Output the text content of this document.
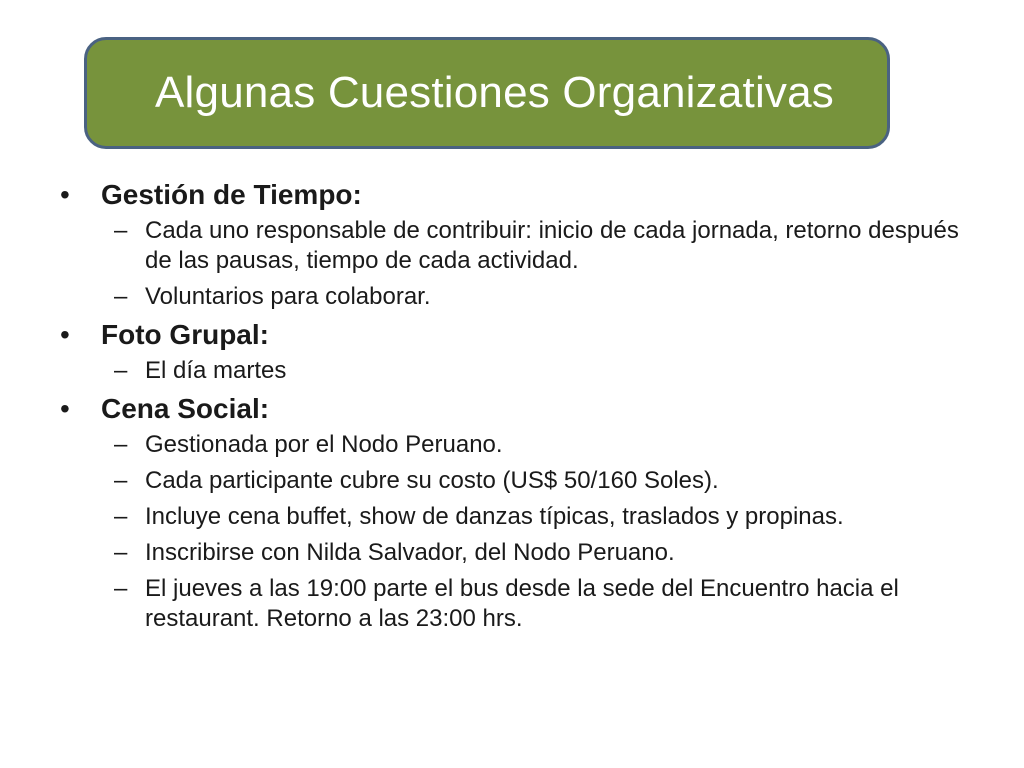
Algunas Cuestiones Organizativas
• Gestión de Tiempo:
– Cada uno responsable de contribuir: inicio de cada jornada, retorno después de las pausas, tiempo de cada actividad.
– Voluntarios para colaborar.
• Foto Grupal:
– El día martes
• Cena Social:
– Gestionada por el Nodo Peruano.
– Cada participante cubre su costo (US$ 50/160 Soles).
– Incluye cena buffet, show de danzas típicas, traslados y propinas.
– Inscribirse con Nilda Salvador, del Nodo Peruano.
– El jueves a las 19:00 parte el bus desde la sede del Encuentro hacia el restaurant. Retorno a las 23:00 hrs.
